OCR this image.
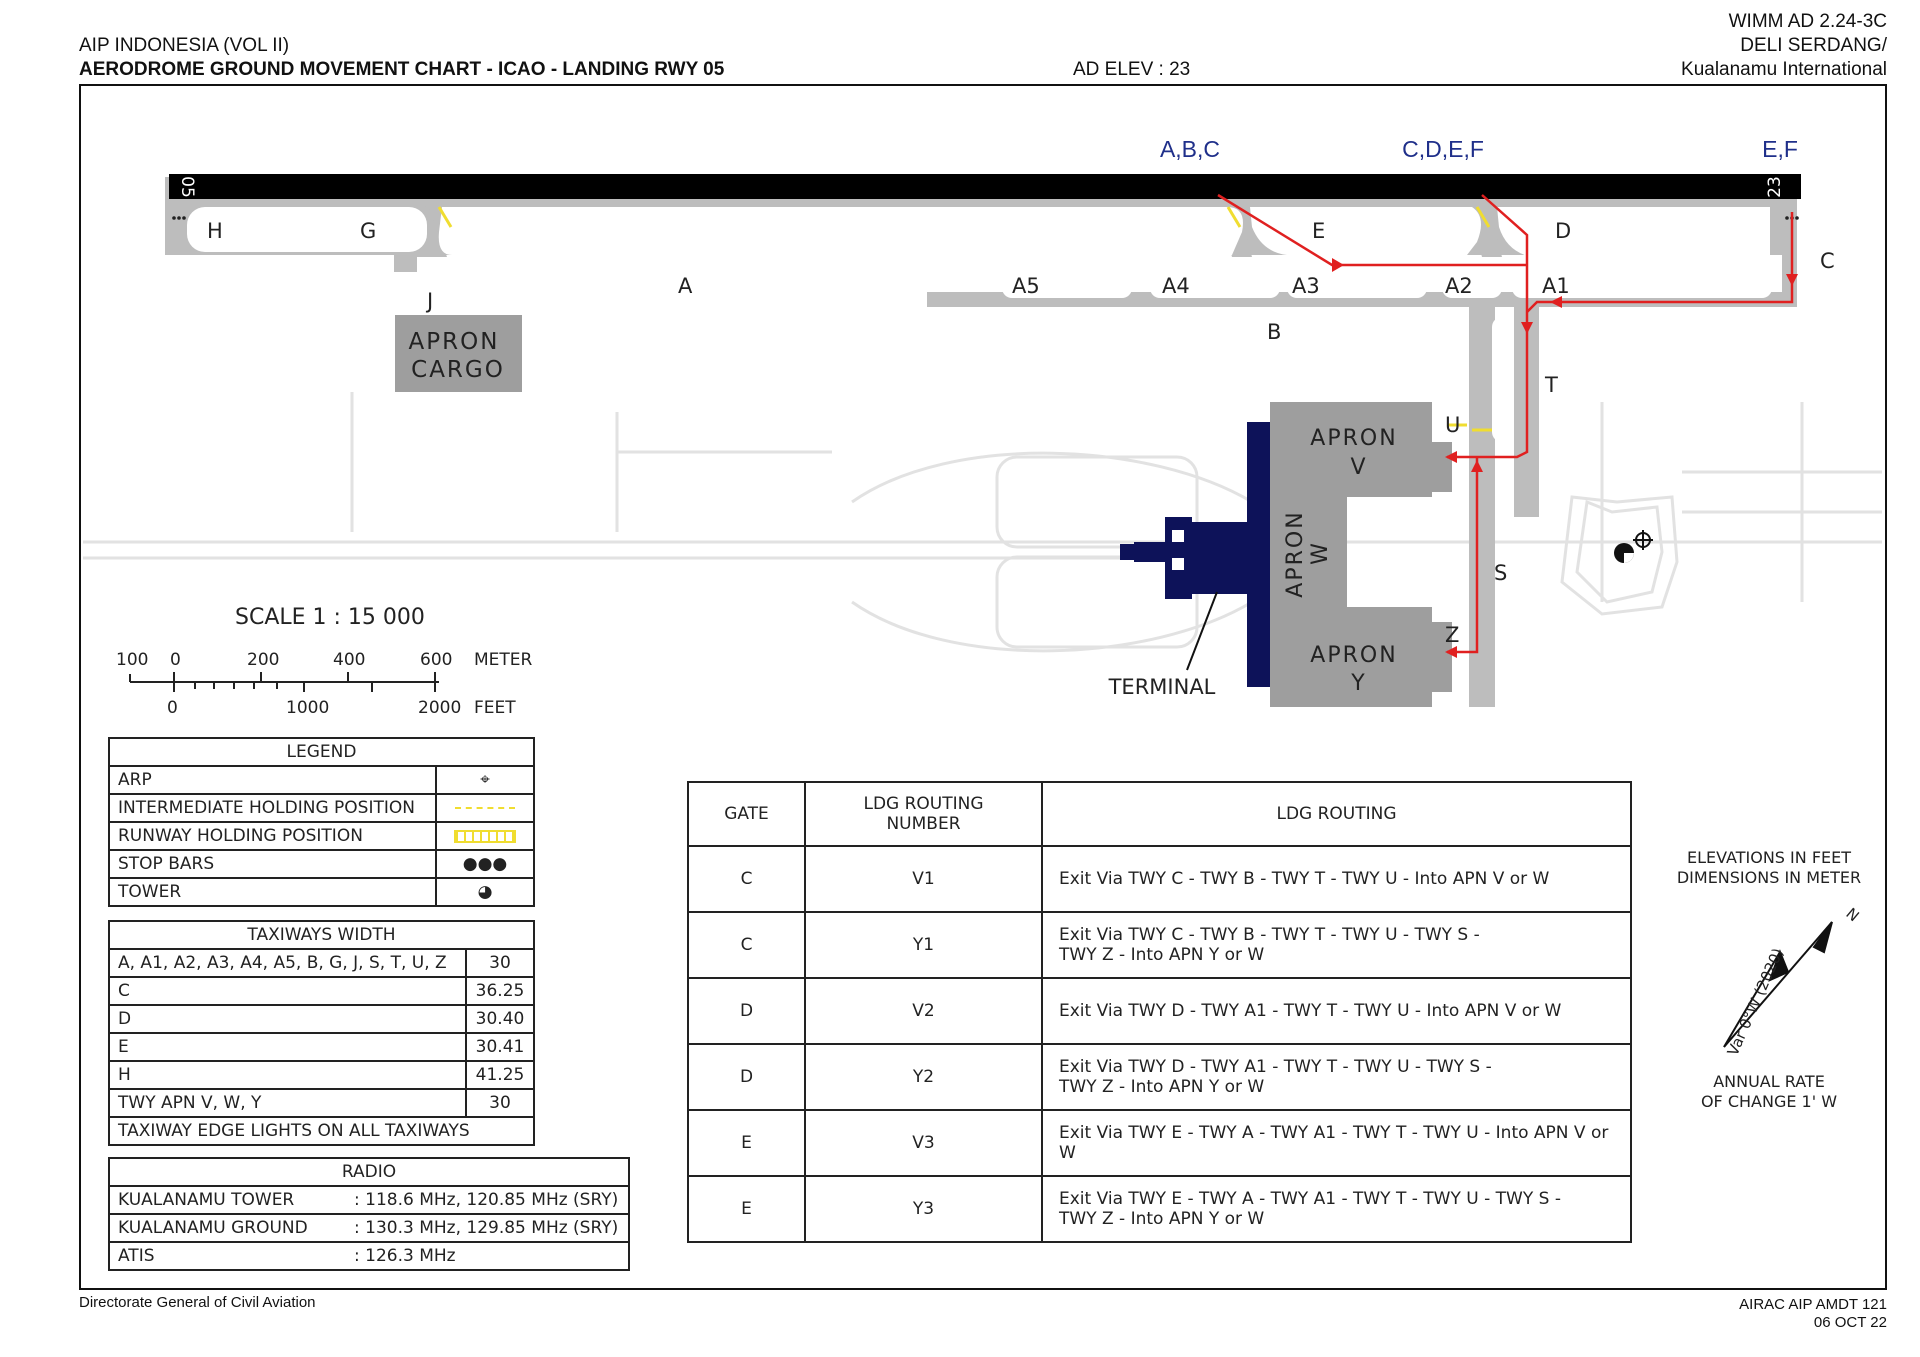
AIP INDONESIA (VOL II)
AERODROME GROUND MOVEMENT CHART - ICAO - LANDING RWY 05	AD ELEV : 23
WIMM AD 2.24-3C
DELI SERDANG/
Kualanamu International
05	23
APRON
CARGO
APRON
V
APRON W
APRON
Y
TERMINAL
A,B,C	C,D,E,F	E,F
H	G	E	D
C
A
J
A5	A4	A3	A2	A1
B
T
U
S
Z
SCALE 1 : 15 000
100 0	200	400	600 METER
0	1000	2000 FEET
Var 0°W (2020)
N
LEGEND	
ARP	⌖
INTERMEDIATE HOLDING POSITION	
RUNWAY HOLDING POSITION	
STOP BARS	●●●
TOWER	◕
TAXIWAYS WIDTH	
A, A1, A2, A3, A4, A5, B, G, J, S, T, U, Z	30
C	36.25
D	30.40
E	30.41
H	41.25
TWY APN V, W, Y	30
TAXIWAY EDGE LIGHTS ON ALL TAXIWAYS	
RADIO	
KUALANAMU TOWER	: 118.6 MHz, 120.85 MHz (SRY)
KUALANAMU GROUND	: 130.3 MHz, 129.85 MHz (SRY)
ATIS	: 126.3 MHz
GATE	LDG ROUTING NUMBER	LDG ROUTING
C	V1	Exit Via TWY C - TWY B - TWY T - TWY U - Into APN V or W
C	Y1	Exit Via TWY C - TWY B - TWY T - TWY U - TWY S - TWY Z - Into APN Y or W
D	V2	Exit Via TWY D - TWY A1 - TWY T - TWY U - Into APN V or W
D	Y2	Exit Via TWY D - TWY A1 - TWY T - TWY U - TWY S - TWY Z - Into APN Y or W
E	V3	Exit Via TWY E - TWY A - TWY A1 - TWY T - TWY U - Into APN V or W
E	Y3	Exit Via TWY E - TWY A - TWY A1 - TWY T - TWY U - TWY S - TWY Z - Into APN Y or W
ELEVATIONS IN FEET
DIMENSIONS IN METER
ANNUAL RATE
OF CHANGE 1' W
Directorate General of Civil Aviation	AIRAC AIP AMDT 121
06 OCT 22
